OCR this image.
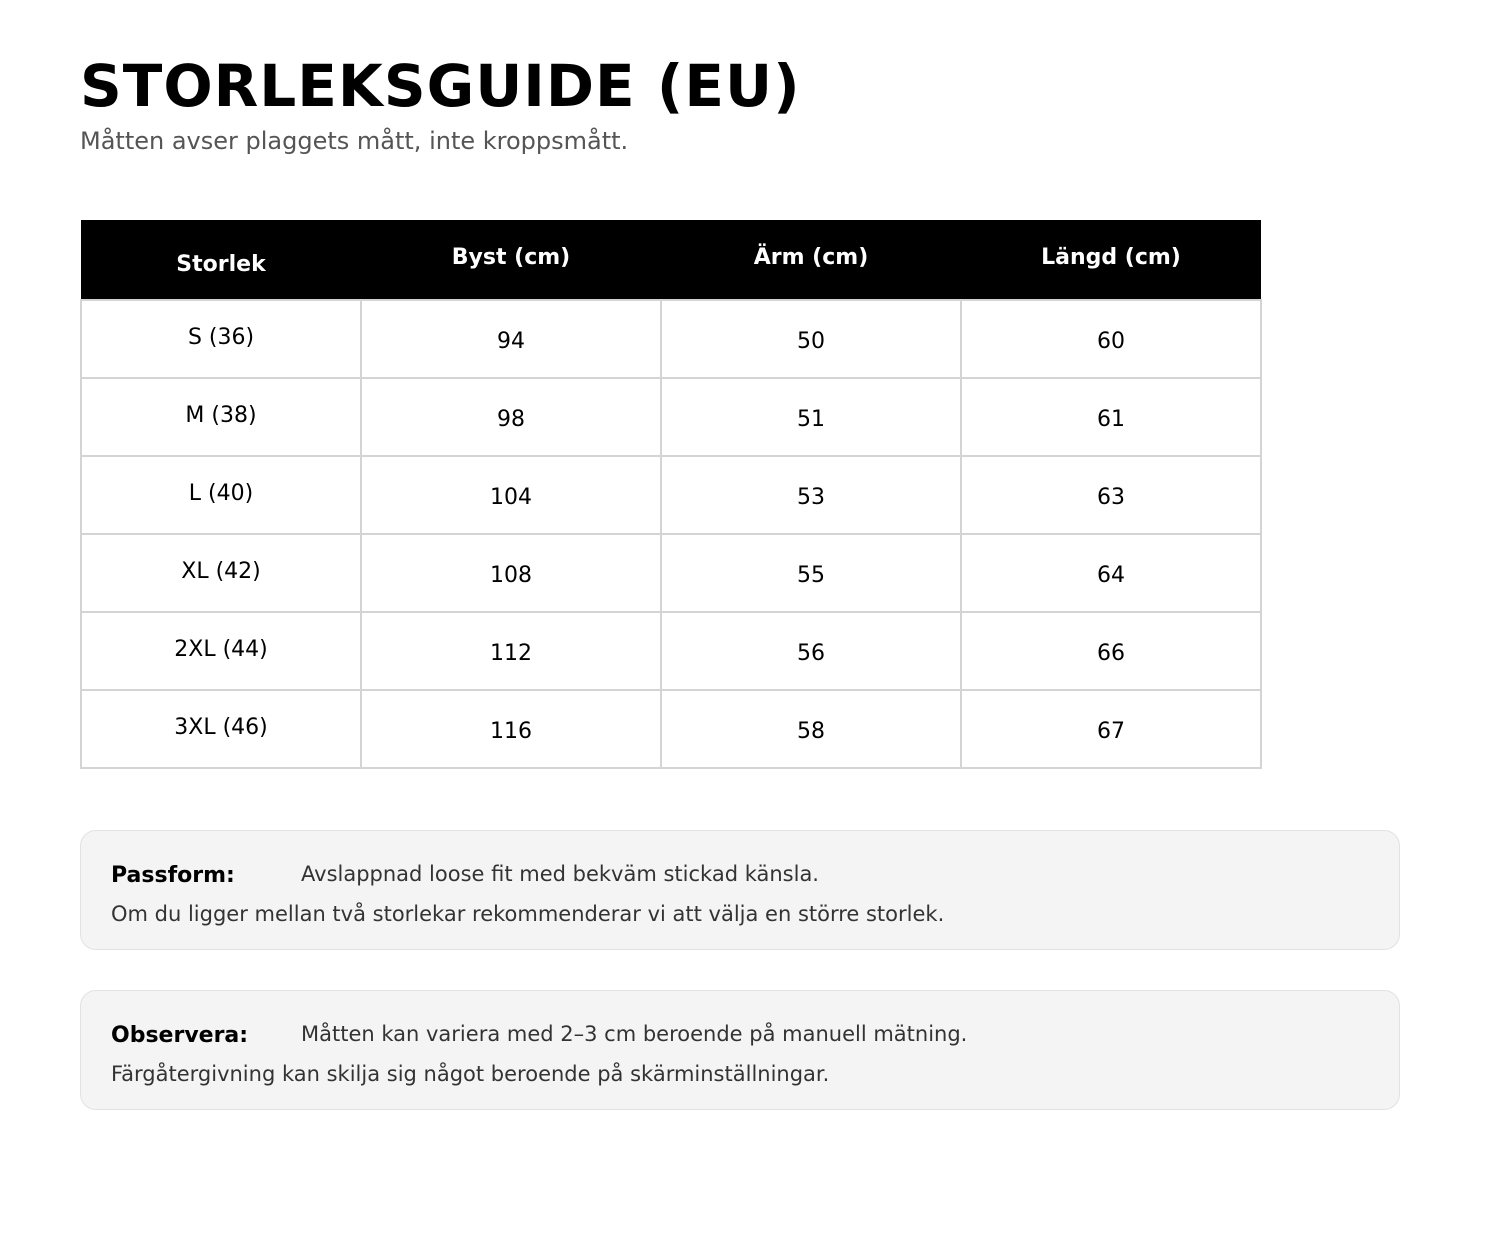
STORLEKSGUIDE (EU)
Måtten avser plaggets mått, inte kroppsmått.
Storlek	Byst (cm)	Ärm (cm)	Längd (cm)
S (36)	94	50	60
M (38)	98	51	61
L (40)	104	53	63
XL (42)	108	55	64
2XL (44)	112	56	66
3XL (46)	116	58	67
Passform:	Avslappnad loose fit med bekväm stickad känsla.
Om du ligger mellan två storlekar rekommenderar vi att välja en större storlek.
Observera:	Måtten kan variera med 2–3 cm beroende på manuell mätning.
Färgåtergivning kan skilja sig något beroende på skärminställningar.
